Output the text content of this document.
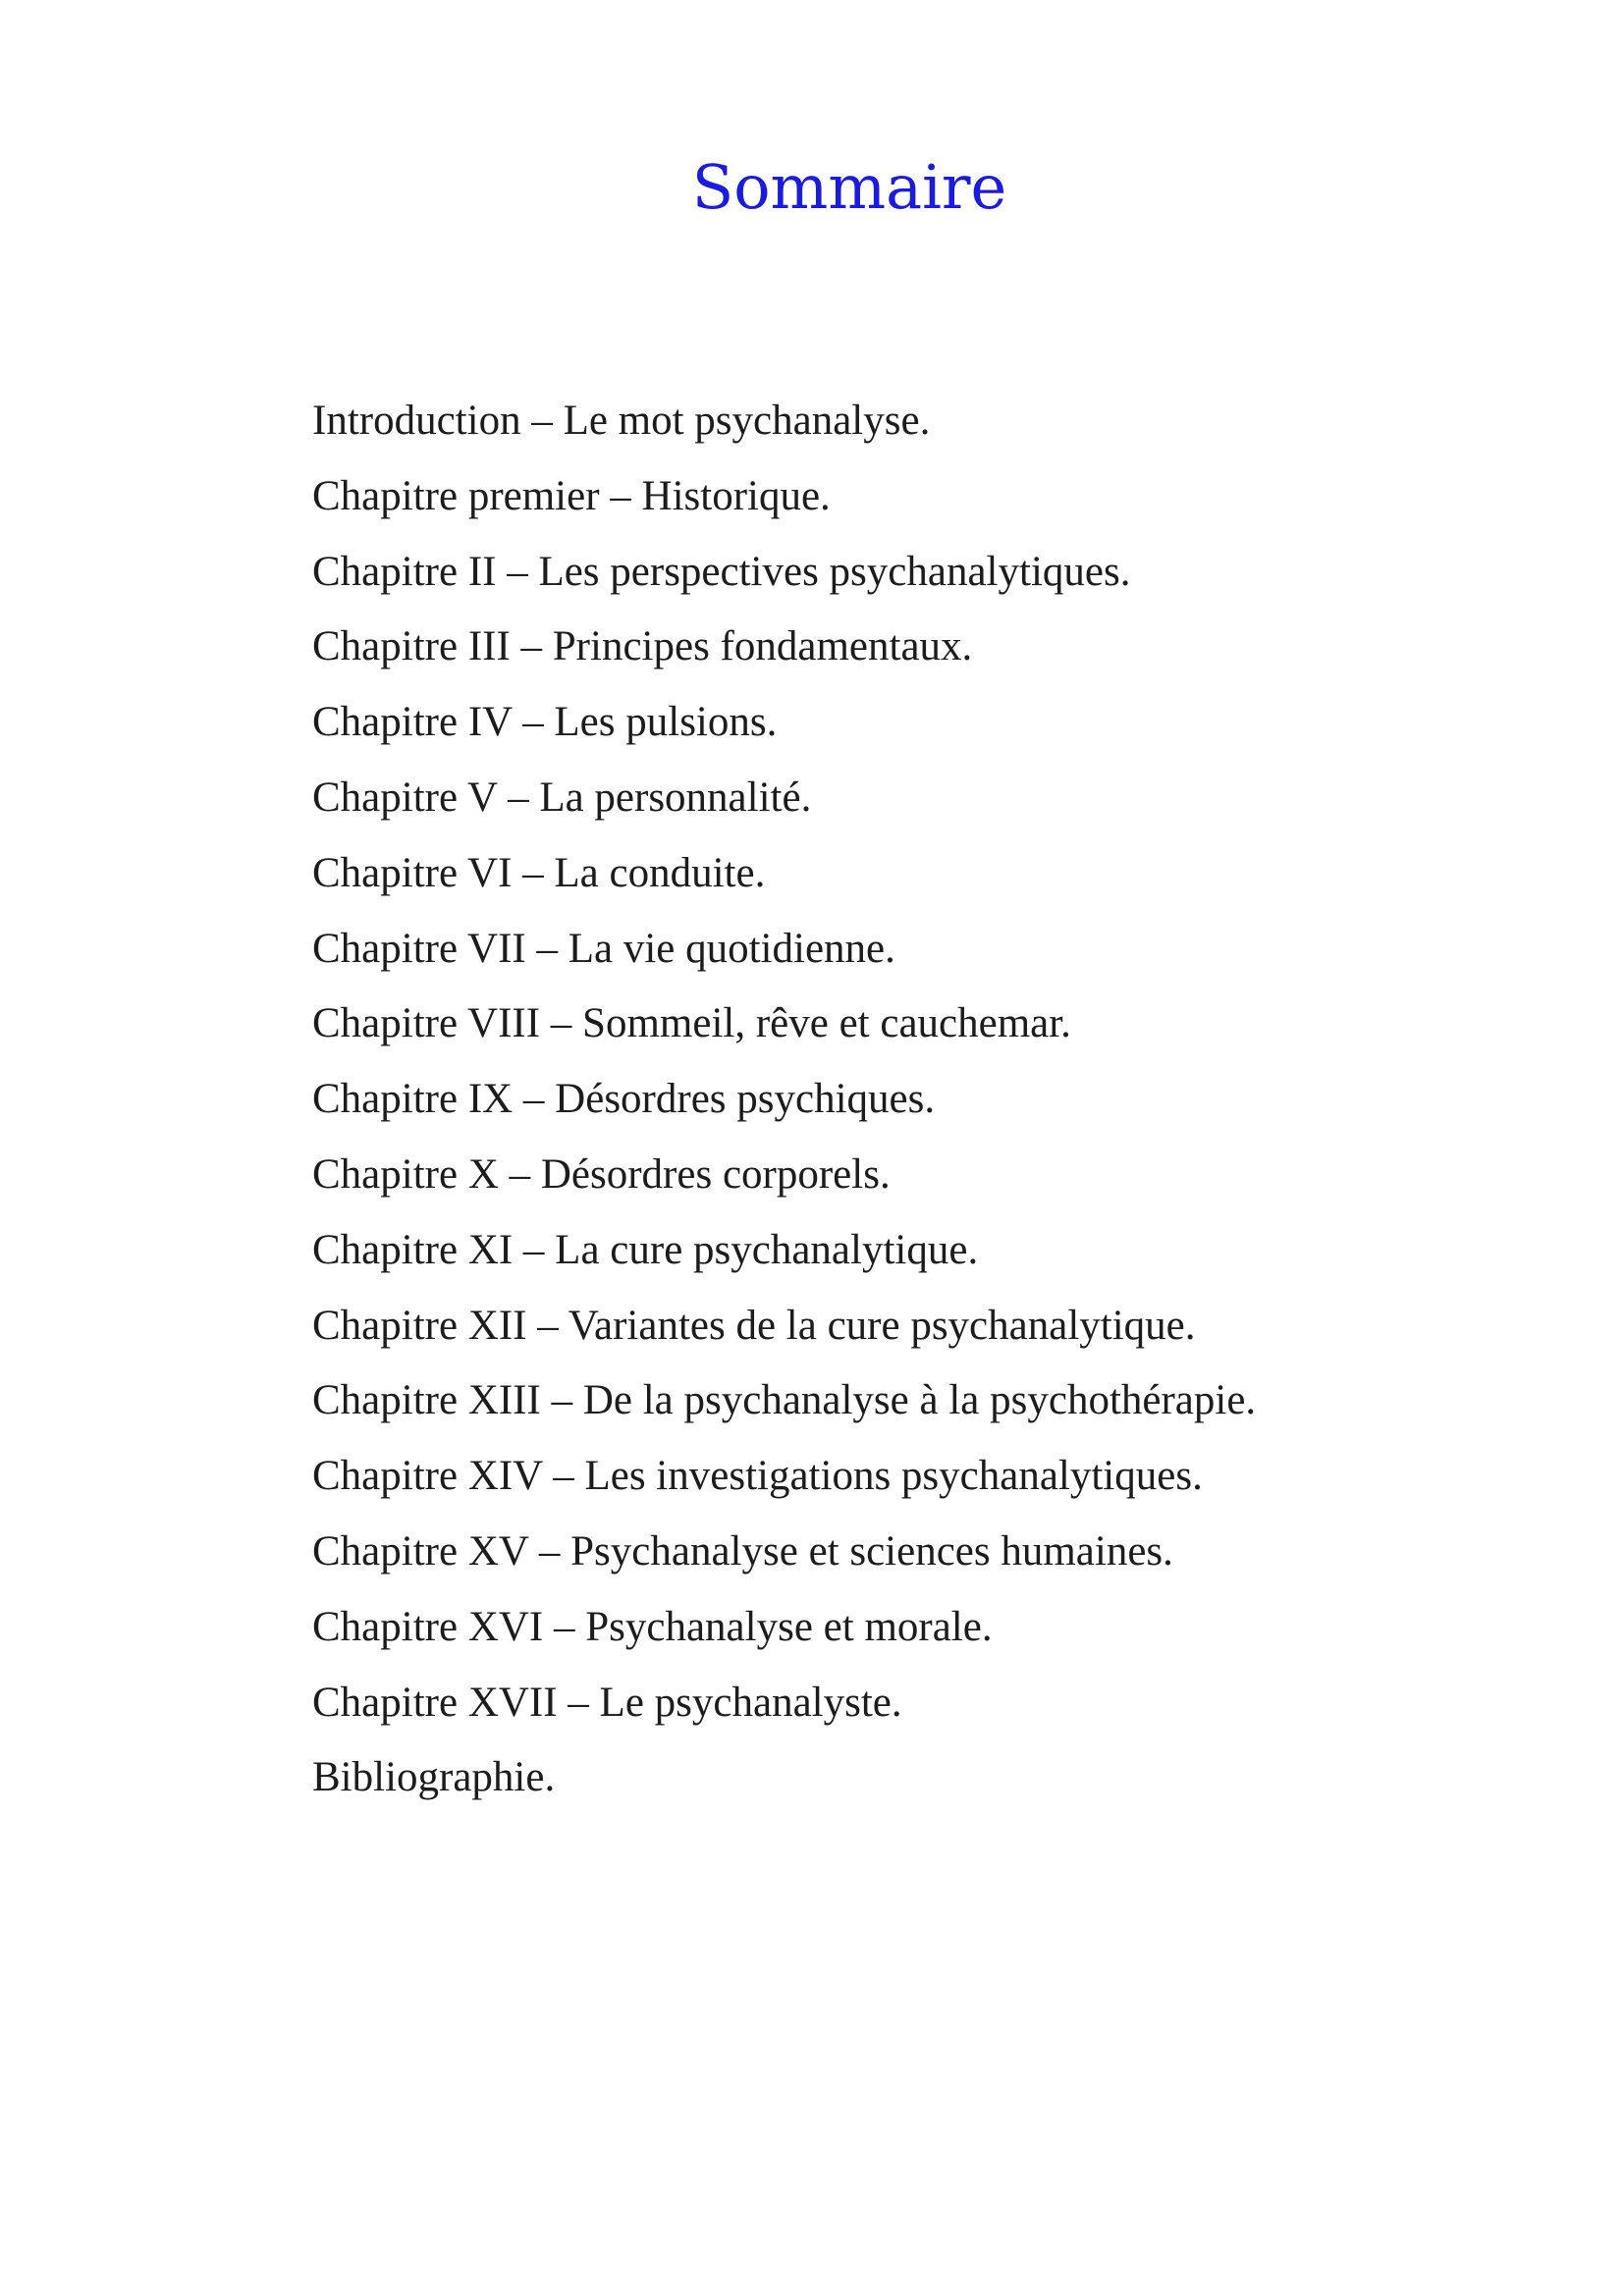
Sommaire
Introduction – Le mot psychanalyse.
Chapitre premier – Historique.
Chapitre II – Les perspectives psychanalytiques.
Chapitre III – Principes fondamentaux.
Chapitre IV – Les pulsions.
Chapitre V – La personnalité.
Chapitre VI – La conduite.
Chapitre VII – La vie quotidienne.
Chapitre VIII – Sommeil, rêve et cauchemar.
Chapitre IX – Désordres psychiques.
Chapitre X – Désordres corporels.
Chapitre XI – La cure psychanalytique.
Chapitre XII – Variantes de la cure psychanalytique.
Chapitre XIII – De la psychanalyse à la psychothérapie.
Chapitre XIV – Les investigations psychanalytiques.
Chapitre XV – Psychanalyse et sciences humaines.
Chapitre XVI – Psychanalyse et morale.
Chapitre XVII – Le psychanalyste.
Bibliographie.
